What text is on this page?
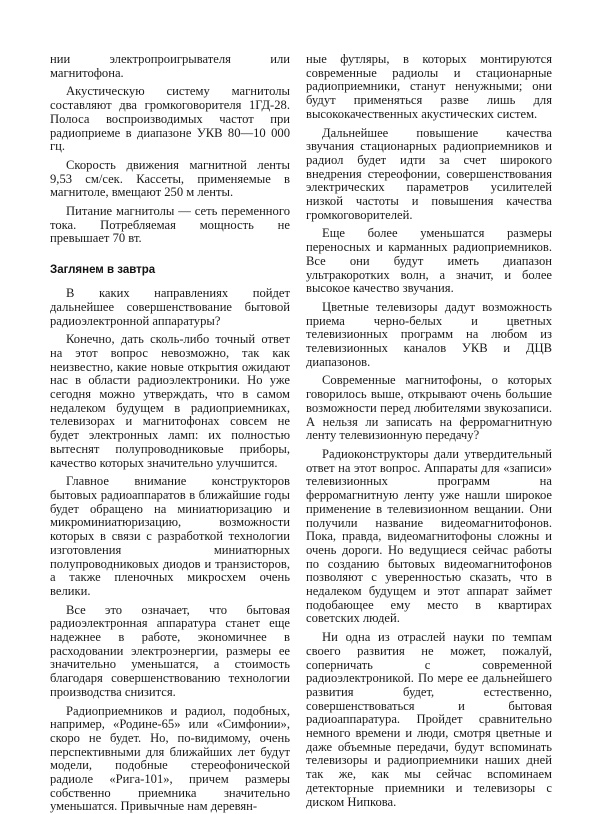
нии электропроигрывателя или магнитофона.

Акустическую систему магнитолы составляют два громкоговорителя 1ГД-28. Полоса воспроизводимых частот при радиоприеме в диапазоне УКВ 80—10 000 гц.

Скорость движения магнитной ленты 9,53 см/сек. Кассеты, применяемые в магнитоле, вмещают 250 м ленты.

Питание магнитолы — сеть переменного тока. Потребляемая мощность не превышает 70 вт.

Заглянем в завтра

В каких направлениях пойдет дальнейшее совершенствование бытовой радиоэлектронной аппаратуры?

Конечно, дать сколь-либо точный ответ на этот вопрос невозможно, так как неизвестно, какие новые открытия ожидают нас в области радиоэлектроники. Но уже сегодня можно утверждать, что в самом недалеком будущем в радиоприемниках, телевизорах и магнитофонах совсем не будет электронных ламп: их полностью вытеснят полупроводниковые приборы, качество которых значительно улучшится.

Главное внимание конструкторов бытовых радиоаппаратов в ближайшие годы будет обращено на миниатюризацию и микроминиатюризацию, возможности которых в связи с разработкой технологии изготовления миниатюрных полупроводниковых диодов и транзисторов, а также пленочных микросхем очень велики.

Все это означает, что бытовая радиоэлектронная аппаратура станет еще надежнее в работе, экономичнее в расходовании электроэнергии, размеры ее значительно уменьшатся, а стоимость благодаря совершенствованию технологии производства снизится.

Радиоприемников и радиол, подобных, например, «Родине-65» или «Симфонии», скоро не будет. Но, по-видимому, очень перспективными для ближайших лет будут модели, подобные стереофонической радиоле «Рига-101», причем размеры собственно приемника значительно уменьшатся. Привычные нам деревян-

ные футляры, в которых монтируются современные радиолы и стационарные радиоприемники, станут ненужными; они будут применяться разве лишь для высококачественных акустических систем.

Дальнейшее повышение качества звучания стационарных радиоприемников и радиол будет идти за счет широкого внедрения стереофонии, совершенствования электрических параметров усилителей низкой частоты и повышения качества громкоговорителей.

Еще более уменьшатся размеры переносных и карманных радиоприемников. Все они будут иметь диапазон ультракоротких волн, а значит, и более высокое качество звучания.

Цветные телевизоры дадут возможность приема черно-белых и цветных телевизионных программ на любом из телевизионных каналов УКВ и ДЦВ диапазонов.

Современные магнитофоны, о которых говорилось выше, открывают очень большие возможности перед любителями звукозаписи. А нельзя ли записать на ферромагнитную ленту телевизионную передачу?

Радиоконструкторы дали утвердительный ответ на этот вопрос. Аппараты для «записи» телевизионных программ на ферромагнитную ленту уже нашли широкое применение в телевизионном вещании. Они получили название видеомагнитофонов. Пока, правда, видеомагнитофоны сложны и очень дороги. Но ведущиеся сейчас работы по созданию бытовых видеомагнитофонов позволяют с уверенностью сказать, что в недалеком будущем и этот аппарат займет подобающее ему место в квартирах советских людей.

Ни одна из отраслей науки по темпам своего развития не может, пожалуй, соперничать с современной радиоэлектроникой. По мере ее дальнейшего развития будет, естественно, совершенствоваться и бытовая радиоаппаратура. Пройдет сравнительно немного времени и люди, смотря цветные и даже объемные передачи, будут вспоминать телевизоры и радиоприемники наших дней так же, как мы сейчас вспоминаем детекторные приемники и телевизоры с диском Нипкова.
